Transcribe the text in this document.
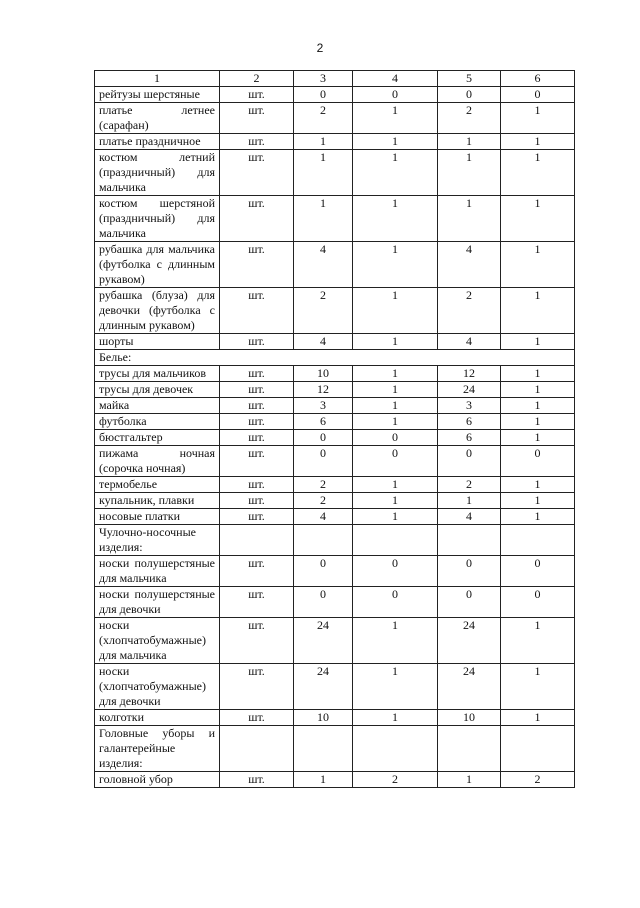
2
1	2	3	4	5	6
рейтузы шерстяные	шт.	0	0	0	0
платье летнее (сарафан)	шт.	2	1	2	1
платье праздничное	шт.	1	1	1	1
костюм летний (праздничный) для мальчика	шт.	1	1	1	1
костюм шерстяной (праздничный) для мальчика	шт.	1	1	1	1
рубашка для мальчика (футболка с длинным рукавом)	шт.	4	1	4	1
рубашка (блуза) для девочки (футболка с длинным рукавом)	шт.	2	1	2	1
шорты	шт.	4	1	4	1
Белье:					
трусы для мальчиков	шт.	10	1	12	1
трусы для девочек	шт.	12	1	24	1
майка	шт.	3	1	3	1
футболка	шт.	6	1	6	1
бюстгальтер	шт.	0	0	6	1
пижама ночная (сорочка ночная)	шт.	0	0	0	0
термобелье	шт.	2	1	2	1
купальник, плавки	шт.	2	1	1	1
носовые платки	шт.	4	1	4	1
Чулочно-носочные изделия:					
носки полушерстяные для мальчика	шт.	0	0	0	0
носки полушерстяные для девочки	шт.	0	0	0	0
носки (хлопчатобумажные) для мальчика	шт.	24	1	24	1
носки (хлопчатобумажные) для девочки	шт.	24	1	24	1
колготки	шт.	10	1	10	1
Головные уборы и галантерейные изделия:					
головной убор	шт.	1	2	1	2
